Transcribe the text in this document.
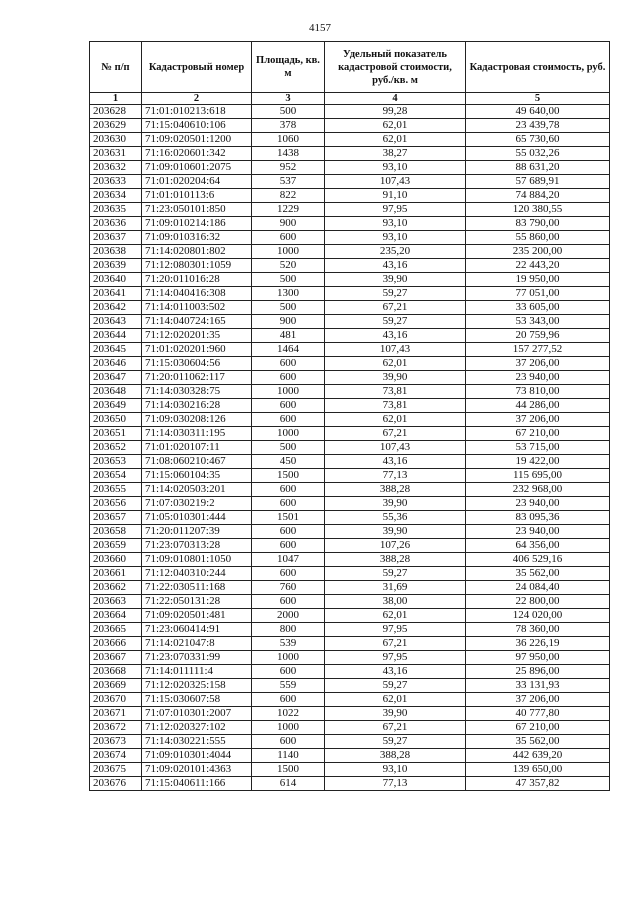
4157
№ п/п	Кадастровый номер	Площадь, кв. м	Удельный показатель кадастровой стоимости, руб./кв. м	Кадастровая стоимость, руб.
1	2	3	4	5
203628	71:01:010213:618	500	99,28	49 640,00
203629	71:15:040610:106	378	62,01	23 439,78
203630	71:09:020501:1200	1060	62,01	65 730,60
203631	71:16:020601:342	1438	38,27	55 032,26
203632	71:09:010601:2075	952	93,10	88 631,20
203633	71:01:020204:64	537	107,43	57 689,91
203634	71:01:010113:6	822	91,10	74 884,20
203635	71:23:050101:850	1229	97,95	120 380,55
203636	71:09:010214:186	900	93,10	83 790,00
203637	71:09:010316:32	600	93,10	55 860,00
203638	71:14:020801:802	1000	235,20	235 200,00
203639	71:12:080301:1059	520	43,16	22 443,20
203640	71:20:011016:28	500	39,90	19 950,00
203641	71:14:040416:308	1300	59,27	77 051,00
203642	71:14:011003:502	500	67,21	33 605,00
203643	71:14:040724:165	900	59,27	53 343,00
203644	71:12:020201:35	481	43,16	20 759,96
203645	71:01:020201:960	1464	107,43	157 277,52
203646	71:15:030604:56	600	62,01	37 206,00
203647	71:20:011062:117	600	39,90	23 940,00
203648	71:14:030328:75	1000	73,81	73 810,00
203649	71:14:030216:28	600	73,81	44 286,00
203650	71:09:030208:126	600	62,01	37 206,00
203651	71:14:030311:195	1000	67,21	67 210,00
203652	71:01:020107:11	500	107,43	53 715,00
203653	71:08:060210:467	450	43,16	19 422,00
203654	71:15:060104:35	1500	77,13	115 695,00
203655	71:14:020503:201	600	388,28	232 968,00
203656	71:07:030219:2	600	39,90	23 940,00
203657	71:05:010301:444	1501	55,36	83 095,36
203658	71:20:011207:39	600	39,90	23 940,00
203659	71:23:070313:28	600	107,26	64 356,00
203660	71:09:010801:1050	1047	388,28	406 529,16
203661	71:12:040310:244	600	59,27	35 562,00
203662	71:22:030511:168	760	31,69	24 084,40
203663	71:22:050131:28	600	38,00	22 800,00
203664	71:09:020501:481	2000	62,01	124 020,00
203665	71:23:060414:91	800	97,95	78 360,00
203666	71:14:021047:8	539	67,21	36 226,19
203667	71:23:070331:99	1000	97,95	97 950,00
203668	71:14:011111:4	600	43,16	25 896,00
203669	71:12:020325:158	559	59,27	33 131,93
203670	71:15:030607:58	600	62,01	37 206,00
203671	71:07:010301:2007	1022	39,90	40 777,80
203672	71:12:020327:102	1000	67,21	67 210,00
203673	71:14:030221:555	600	59,27	35 562,00
203674	71:09:010301:4044	1140	388,28	442 639,20
203675	71:09:020101:4363	1500	93,10	139 650,00
203676	71:15:040611:166	614	77,13	47 357,82
